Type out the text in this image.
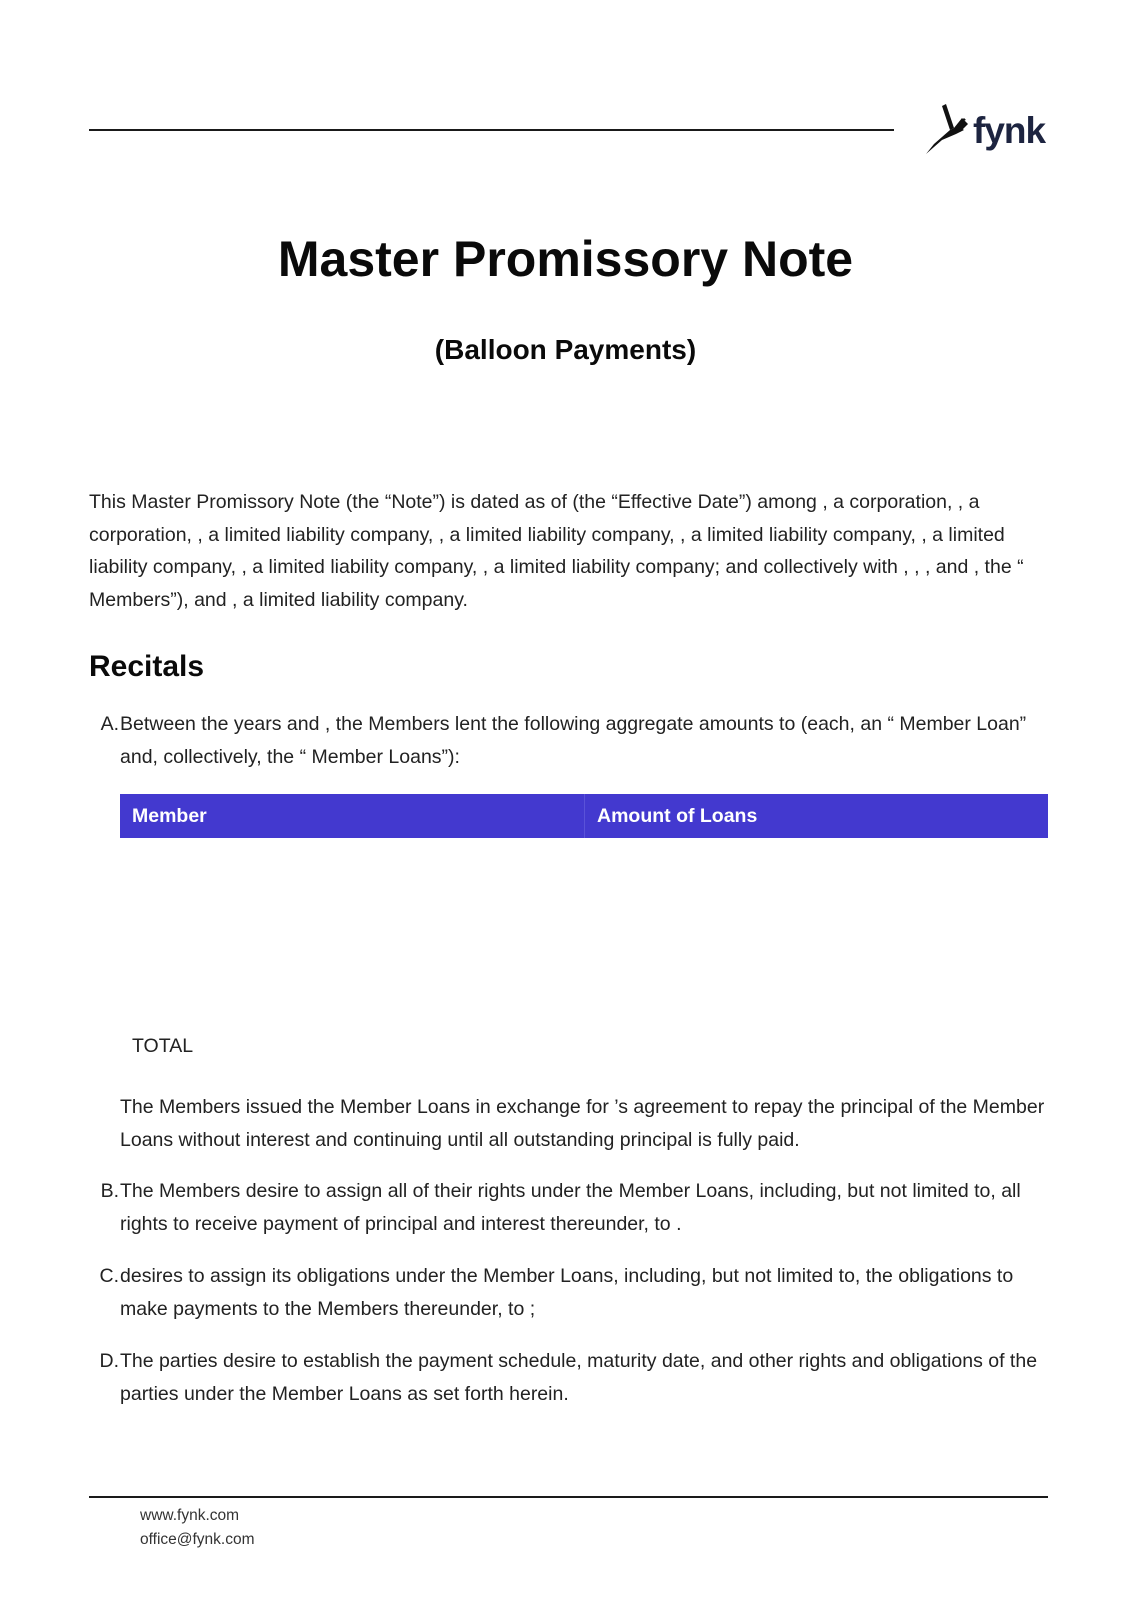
fynk
Master Promissory Note
(Balloon Payments)

This Master Promissory Note (the “Note”) is dated as of (the “Effective Date”) among , a corporation, , a corporation, , a limited liability company, , a limited liability company, , a limited liability company, , a limited liability company, , a limited liability company, , a limited liability company; and collectively with , , , and , the “ Members”), and , a limited liability company.

Recitals
A. Between the years and , the Members lent the following aggregate amounts to (each, an “ Member Loan” and, collectively, the “ Member Loans”):
Member	Amount of Loans
TOTAL

The Members issued the Member Loans in exchange for ’s agreement to repay the principal of the Member Loans without interest and continuing until all outstanding principal is fully paid.

B. The Members desire to assign all of their rights under the Member Loans, including, but not limited to, all rights to receive payment of principal and interest thereunder, to .
C. desires to assign its obligations under the Member Loans, including, but not limited to, the obligations to make payments to the Members thereunder, to ;
D. The parties desire to establish the payment schedule, maturity date, and other rights and obligations of the parties under the Member Loans as set forth herein.
www.fynk.com
office@fynk.com
